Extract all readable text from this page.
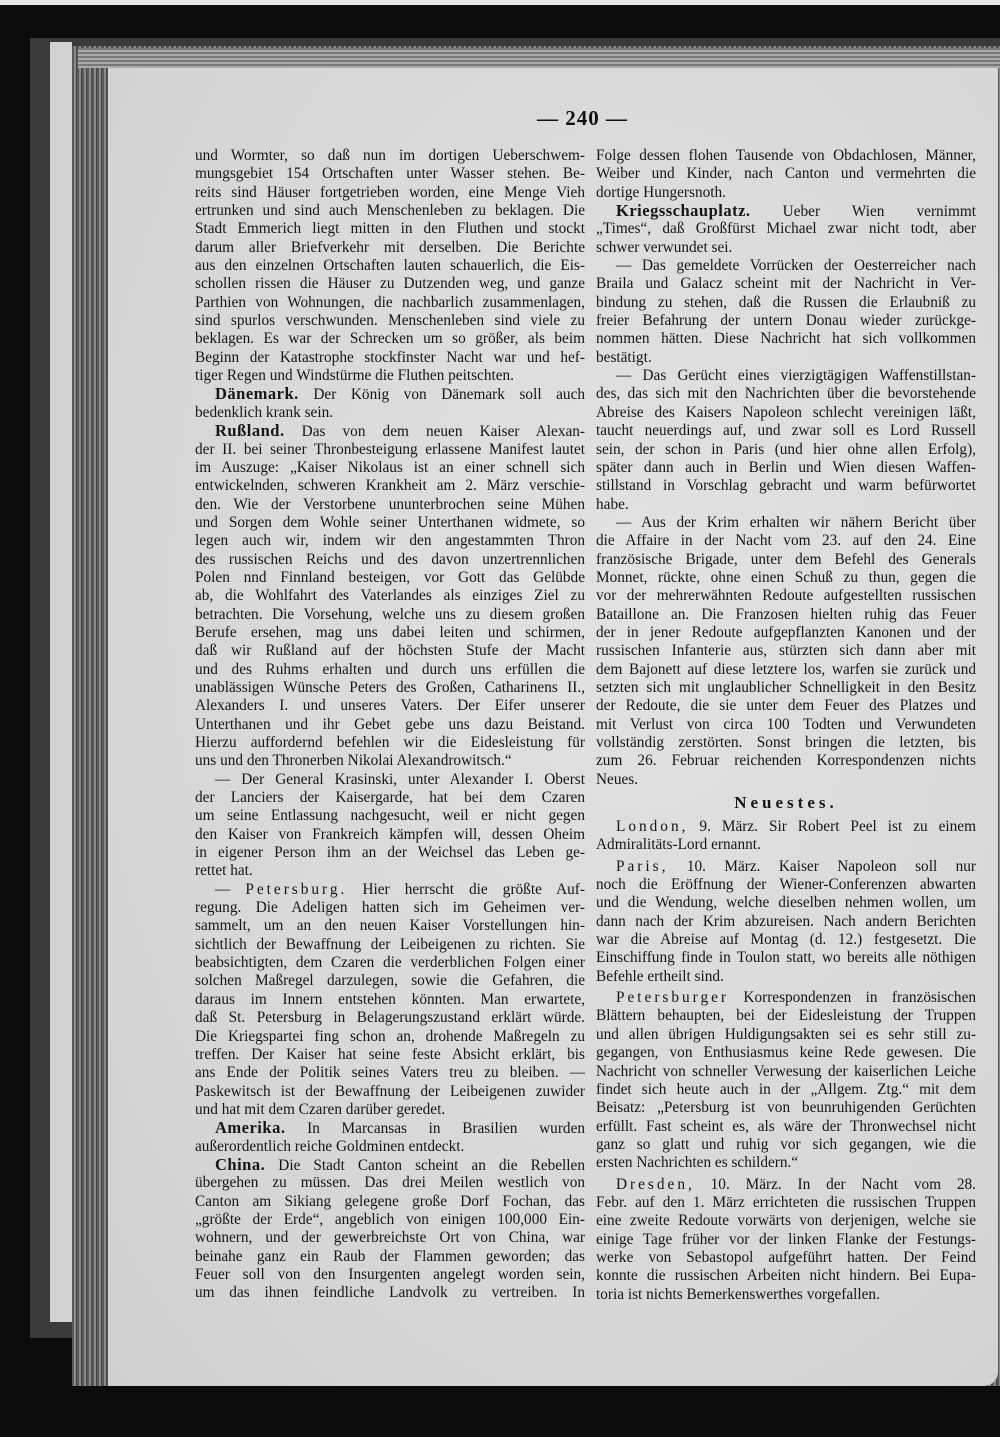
— 240 —
und Wormter, so daß nun im dortigen Ueberschwem-
mungsgebiet 154 Ortschaften unter Wasser stehen. Be-
reits sind Häuser fortgetrieben worden, eine Menge Vieh
ertrunken und sind auch Menschenleben zu beklagen. Die
Stadt Emmerich liegt mitten in den Fluthen und stockt
darum aller Briefverkehr mit derselben. Die Berichte
aus den einzelnen Ortschaften lauten schauerlich, die Eis-
schollen rissen die Häuser zu Dutzenden weg, und ganze
Parthien von Wohnungen, die nachbarlich zusammenlagen,
sind spurlos verschwunden. Menschenleben sind viele zu
beklagen. Es war der Schrecken um so größer, als beim
Beginn der Katastrophe stockfinster Nacht war und hef-
tiger Regen und Windstürme die Fluthen peitschten.
Dänemark. Der König von Dänemark soll auch
bedenklich krank sein.
Rußland. Das von dem neuen Kaiser Alexan-
der II. bei seiner Thronbesteigung erlassene Manifest lautet
im Auszuge: „Kaiser Nikolaus ist an einer schnell sich
entwickelnden, schweren Krankheit am 2. März verschie-
den. Wie der Verstorbene ununterbrochen seine Mühen
und Sorgen dem Wohle seiner Unterthanen widmete, so
legen auch wir, indem wir den angestammten Thron
des russischen Reichs und des davon unzertrennlichen
Polen nnd Finnland besteigen, vor Gott das Gelübde
ab, die Wohlfahrt des Vaterlandes als einziges Ziel zu
betrachten. Die Vorsehung, welche uns zu diesem großen
Berufe ersehen, mag uns dabei leiten und schirmen,
daß wir Rußland auf der höchsten Stufe der Macht
und des Ruhms erhalten und durch uns erfüllen die
unablässigen Wünsche Peters des Großen, Catharinens II.,
Alexanders I. und unseres Vaters. Der Eifer unserer
Unterthanen und ihr Gebet gebe uns dazu Beistand.
Hierzu auffordernd befehlen wir die Eidesleistung für
uns und den Thronerben Nikolai Alexandrowitsch.“
— Der General Krasinski, unter Alexander I. Oberst
der Lanciers der Kaisergarde, hat bei dem Czaren
um seine Entlassung nachgesucht, weil er nicht gegen
den Kaiser von Frankreich kämpfen will, dessen Oheim
in eigener Person ihm an der Weichsel das Leben ge-
rettet hat.
— Petersburg. Hier herrscht die größte Auf-
regung. Die Adeligen hatten sich im Geheimen ver-
sammelt, um an den neuen Kaiser Vorstellungen hin-
sichtlich der Bewaffnung der Leibeigenen zu richten. Sie
beabsichtigten, dem Czaren die verderblichen Folgen einer
solchen Maßregel darzulegen, sowie die Gefahren, die
daraus im Innern entstehen könnten. Man erwartete,
daß St. Petersburg in Belagerungszustand erklärt würde.
Die Kriegspartei fing schon an, drohende Maßregeln zu
treffen. Der Kaiser hat seine feste Absicht erklärt, bis
ans Ende der Politik seines Vaters treu zu bleiben. —
Paskewitsch ist der Bewaffnung der Leibeigenen zuwider
und hat mit dem Czaren darüber geredet.
Amerika. In Marcansas in Brasilien wurden
außerordentlich reiche Goldminen entdeckt.
China. Die Stadt Canton scheint an die Rebellen
übergehen zu müssen. Das drei Meilen westlich von
Canton am Sikiang gelegene große Dorf Fochan, das
„größte der Erde“, angeblich von einigen 100,000 Ein-
wohnern, und der gewerbreichste Ort von China, war
beinahe ganz ein Raub der Flammen geworden; das
Feuer soll von den Insurgenten angelegt worden sein,
um das ihnen feindliche Landvolk zu vertreiben. In
Folge dessen flohen Tausende von Obdachlosen, Männer,
Weiber und Kinder, nach Canton und vermehrten die
dortige Hungersnoth.
Kriegsschauplatz. Ueber Wien vernimmt
„Times“, daß Großfürst Michael zwar nicht todt, aber
schwer verwundet sei.
— Das gemeldete Vorrücken der Oesterreicher nach
Braila und Galacz scheint mit der Nachricht in Ver-
bindung zu stehen, daß die Russen die Erlaubniß zu
freier Befahrung der untern Donau wieder zurückge-
nommen hätten. Diese Nachricht hat sich vollkommen
bestätigt.
— Das Gerücht eines vierzigtägigen Waffenstillstan-
des, das sich mit den Nachrichten über die bevorstehende
Abreise des Kaisers Napoleon schlecht vereinigen läßt,
taucht neuerdings auf, und zwar soll es Lord Russell
sein, der schon in Paris (und hier ohne allen Erfolg),
später dann auch in Berlin und Wien diesen Waffen-
stillstand in Vorschlag gebracht und warm befürwortet
habe.
— Aus der Krim erhalten wir nähern Bericht über
die Affaire in der Nacht vom 23. auf den 24. Eine
französische Brigade, unter dem Befehl des Generals
Monnet, rückte, ohne einen Schuß zu thun, gegen die
vor der mehrerwähnten Redoute aufgestellten russischen
Bataillone an. Die Franzosen hielten ruhig das Feuer
der in jener Redoute aufgepflanzten Kanonen und der
russischen Infanterie aus, stürzten sich dann aber mit
dem Bajonett auf diese letztere los, warfen sie zurück und
setzten sich mit unglaublicher Schnelligkeit in den Besitz
der Redoute, die sie unter dem Feuer des Platzes und
mit Verlust von circa 100 Todten und Verwundeten
vollständig zerstörten. Sonst bringen die letzten, bis
zum 26. Februar reichenden Korrespondenzen nichts
Neues.
Neuestes.
London, 9. März. Sir Robert Peel ist zu einem
Admiralitäts-Lord ernannt.
Paris, 10. März. Kaiser Napoleon soll nur
noch die Eröffnung der Wiener-Conferenzen abwarten
und die Wendung, welche dieselben nehmen wollen, um
dann nach der Krim abzureisen. Nach andern Berichten
war die Abreise auf Montag (d. 12.) festgesetzt. Die
Einschiffung finde in Toulon statt, wo bereits alle nöthigen
Befehle ertheilt sind.
Petersburger Korrespondenzen in französischen
Blättern behaupten, bei der Eidesleistung der Truppen
und allen übrigen Huldigungsakten sei es sehr still zu-
gegangen, von Enthusiasmus keine Rede gewesen. Die
Nachricht von schneller Verwesung der kaiserlichen Leiche
findet sich heute auch in der „Allgem. Ztg.“ mit dem
Beisatz: „Petersburg ist von beunruhigenden Gerüchten
erfüllt. Fast scheint es, als wäre der Thronwechsel nicht
ganz so glatt und ruhig vor sich gegangen, wie die
ersten Nachrichten es schildern.“
Dresden, 10. März. In der Nacht vom 28.
Febr. auf den 1. März errichteten die russischen Truppen
eine zweite Redoute vorwärts von derjenigen, welche sie
einige Tage früher vor der linken Flanke der Festungs-
werke von Sebastopol aufgeführt hatten. Der Feind
konnte die russischen Arbeiten nicht hindern. Bei Eupa-
toria ist nichts Bemerkenswerthes vorgefallen.
